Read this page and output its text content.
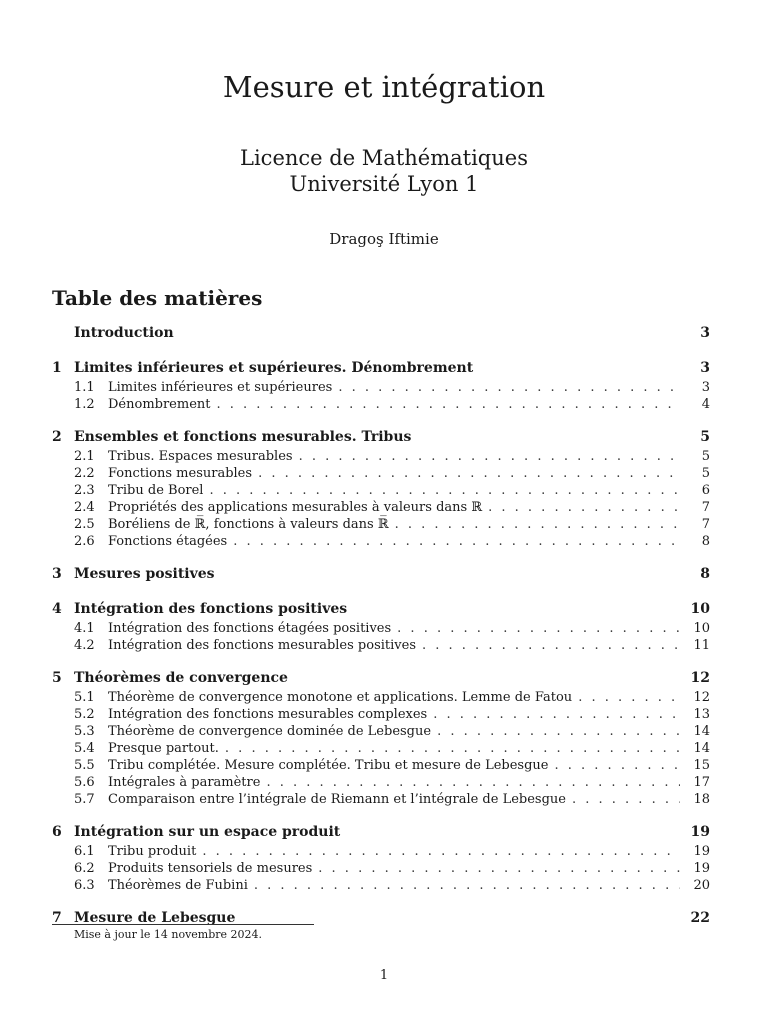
Mesure et intégration
Licence de Mathématiques
Université Lyon 1
Dragoş Iftimie
Table des matières
Introduction	3
1 Limites inférieures et supérieures. Dénombrement	3
1.1	Limites inférieures et supérieures . . .	3
1.2	Dénombrement . . .	4
2 Ensembles et fonctions mesurables. Tribus	5
2.1	Tribus. Espaces mesurables . . .	5
2.2	Fonctions mesurables . . .	5
2.3	Tribu de Borel . . .	6
2.4	Propriétés des applications mesurables à valeurs dans ℝ . . .	7
2.5	Boréliens de ℝ̅, fonctions à valeurs dans ℝ̅ . . .	7
2.6	Fonctions étagées . . .	8
3 Mesures positives	8
4 Intégration des fonctions positives	10
4.1	Intégration des fonctions étagées positives . . .	10
4.2	Intégration des fonctions mesurables positives . . .	11
5 Théorèmes de convergence	12
5.1	Théorème de convergence monotone et applications. Lemme de Fatou . . .	12
5.2	Intégration des fonctions mesurables complexes . . .	13
5.3	Théorème de convergence dominée de Lebesgue . . .	14
5.4	Presque partout. . . .	14
5.5	Tribu complétée. Mesure complétée. Tribu et mesure de Lebesgue . . .	15
5.6	Intégrales à paramètre . . .	17
5.7	Comparaison entre l’intégrale de Riemann et l’intégrale de Lebesgue . . .	18
6 Intégration sur un espace produit	19
6.1	Tribu produit . . .	19
6.2	Produits tensoriels de mesures . . .	19
6.3	Théorèmes de Fubini . . .	20
7 Mesure de Lebesgue	22
Mise à jour le 14 novembre 2024.
1
